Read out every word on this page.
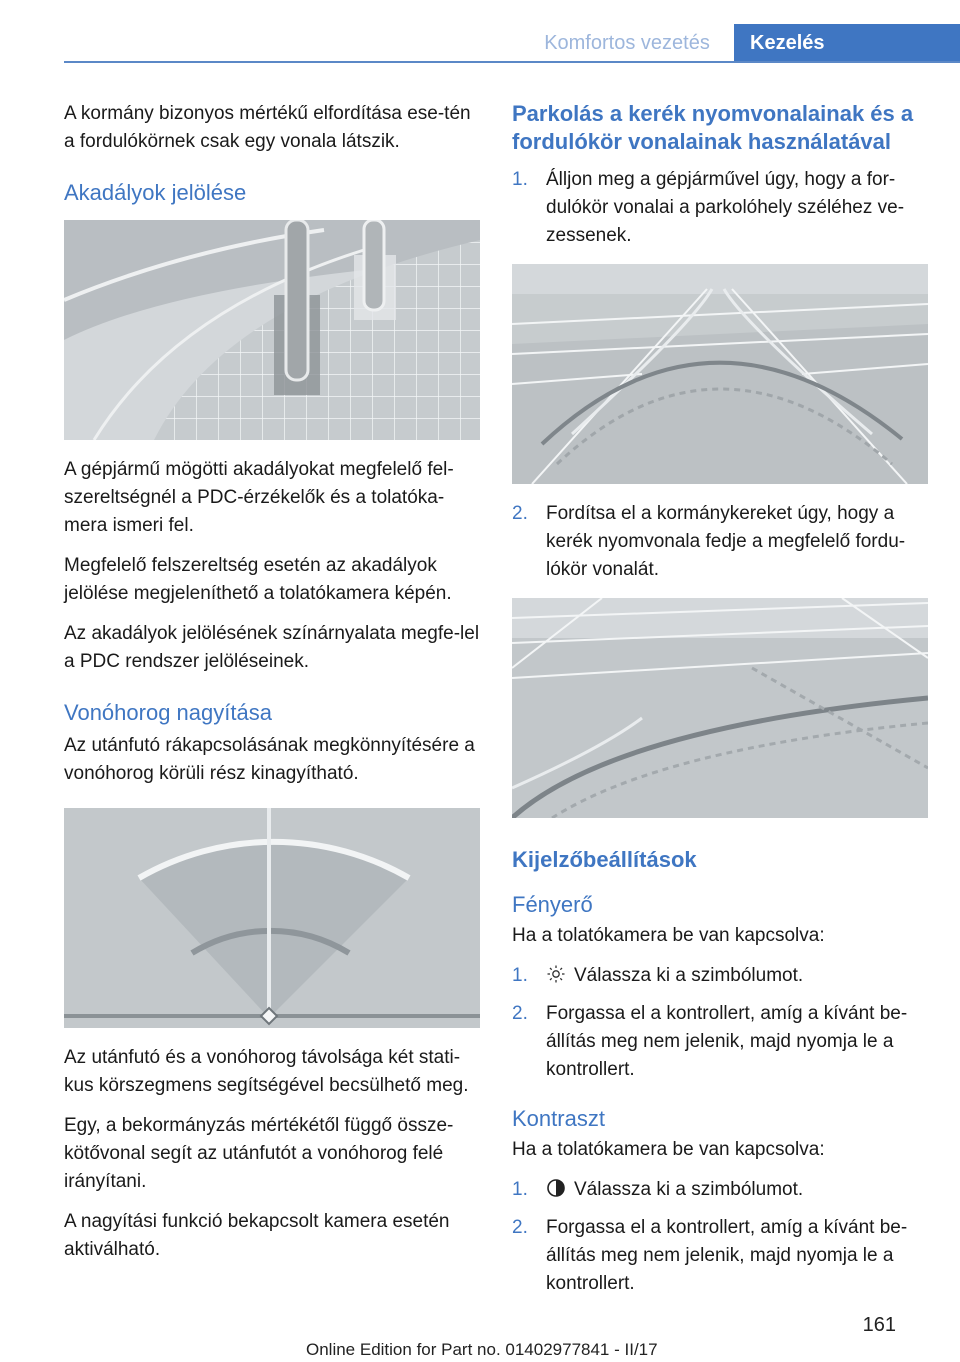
Komfortos vezetés	Kezelés

A kormány bizonyos mértékű elfordítása ese-tén a fordulókörnek csak egy vonala látszik.

Akadályok jelölése

A gépjármű mögötti akadályokat megfelelő fel-szereltségnél a PDC-érzékelők és a tolatóka-mera ismeri fel.

Megfelelő felszereltség esetén az akadályok jelölése megjeleníthető a tolatókamera képén.

Az akadályok jelölésének színárnyalata megfe-lel a PDC rendszer jelöléseinek.

Vonóhorog nagyítása

Az utánfutó rákapcsolásának megkönnyítésére a vonóhorog körüli rész kinagyítható.

Az utánfutó és a vonóhorog távolsága két stati-kus körszegmens segítségével becsülhető meg.

Egy, a bekormányzás mértékétől függő össze-kötővonal segít az utánfutót a vonóhorog felé irányítani.

A nagyítási funkció bekapcsolt kamera esetén aktiválható.

Parkolás a kerék nyomvonalainak és a fordulókör vonalainak használatával
1. Álljon meg a gépjárművel úgy, hogy a for-dulókör vonalai a parkolóhely széléhez ve-zessenek.
2. Fordítsa el a kormánykereket úgy, hogy a kerék nyomvonala fedje a megfelelő fordu-lókör vonalát.
Kijelzőbeállítások
Fényerő

Ha a tolatókamera be van kapcsolva:

1.	Válassza ki a szimbólumot.
2. Forgassa el a kontrollert, amíg a kívánt be-állítás meg nem jelenik, majd nyomja le a kontrollert.
Kontraszt

Ha a tolatókamera be van kapcsolva:

1.	Válassza ki a szimbólumot.
2. Forgassa el a kontrollert, amíg a kívánt be-állítás meg nem jelenik, majd nyomja le a kontrollert.
161
Online Edition for Part no. 01402977841 - II/17
